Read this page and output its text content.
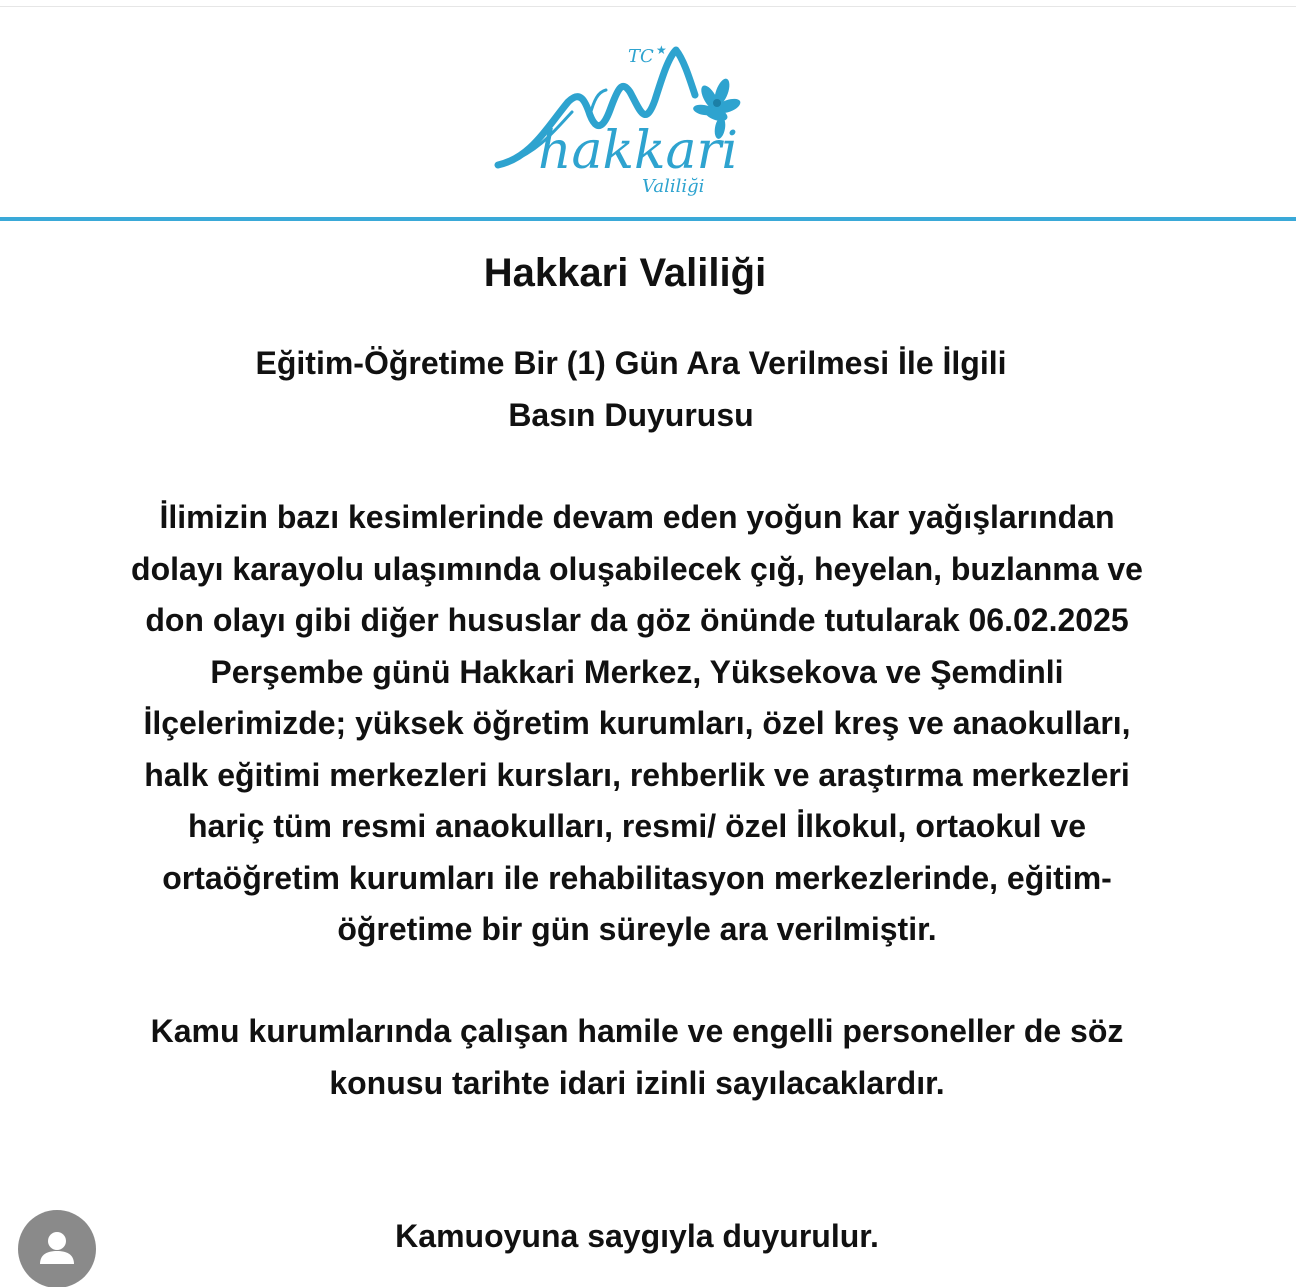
TC ★
hakkari
Valiliği
Hakkari Valiliği
Eğitim-Öğretime Bir (1) Gün Ara Verilmesi İle İlgili
Basın Duyurusu

İlimizin bazı kesimlerinde devam eden yoğun kar yağışlarından
dolayı karayolu ulaşımında oluşabilecek çığ, heyelan, buzlanma ve
don olayı gibi diğer hususlar da göz önünde tutularak 06.02.2025
Perşembe günü Hakkari Merkez, Yüksekova ve Şemdinli
İlçelerimizde; yüksek öğretim kurumları, özel kreş ve anaokulları,
halk eğitimi merkezleri kursları, rehberlik ve araştırma merkezleri
hariç tüm resmi anaokulları, resmi/ özel İlkokul, ortaokul ve
ortaöğretim kurumları ile rehabilitasyon merkezlerinde, eğitim-
öğretime bir gün süreyle ara verilmiştir.

Kamu kurumlarında çalışan hamile ve engelli personeller de söz
konusu tarihte idari izinli sayılacaklardır.

Kamuoyuna saygıyla duyurulur.
